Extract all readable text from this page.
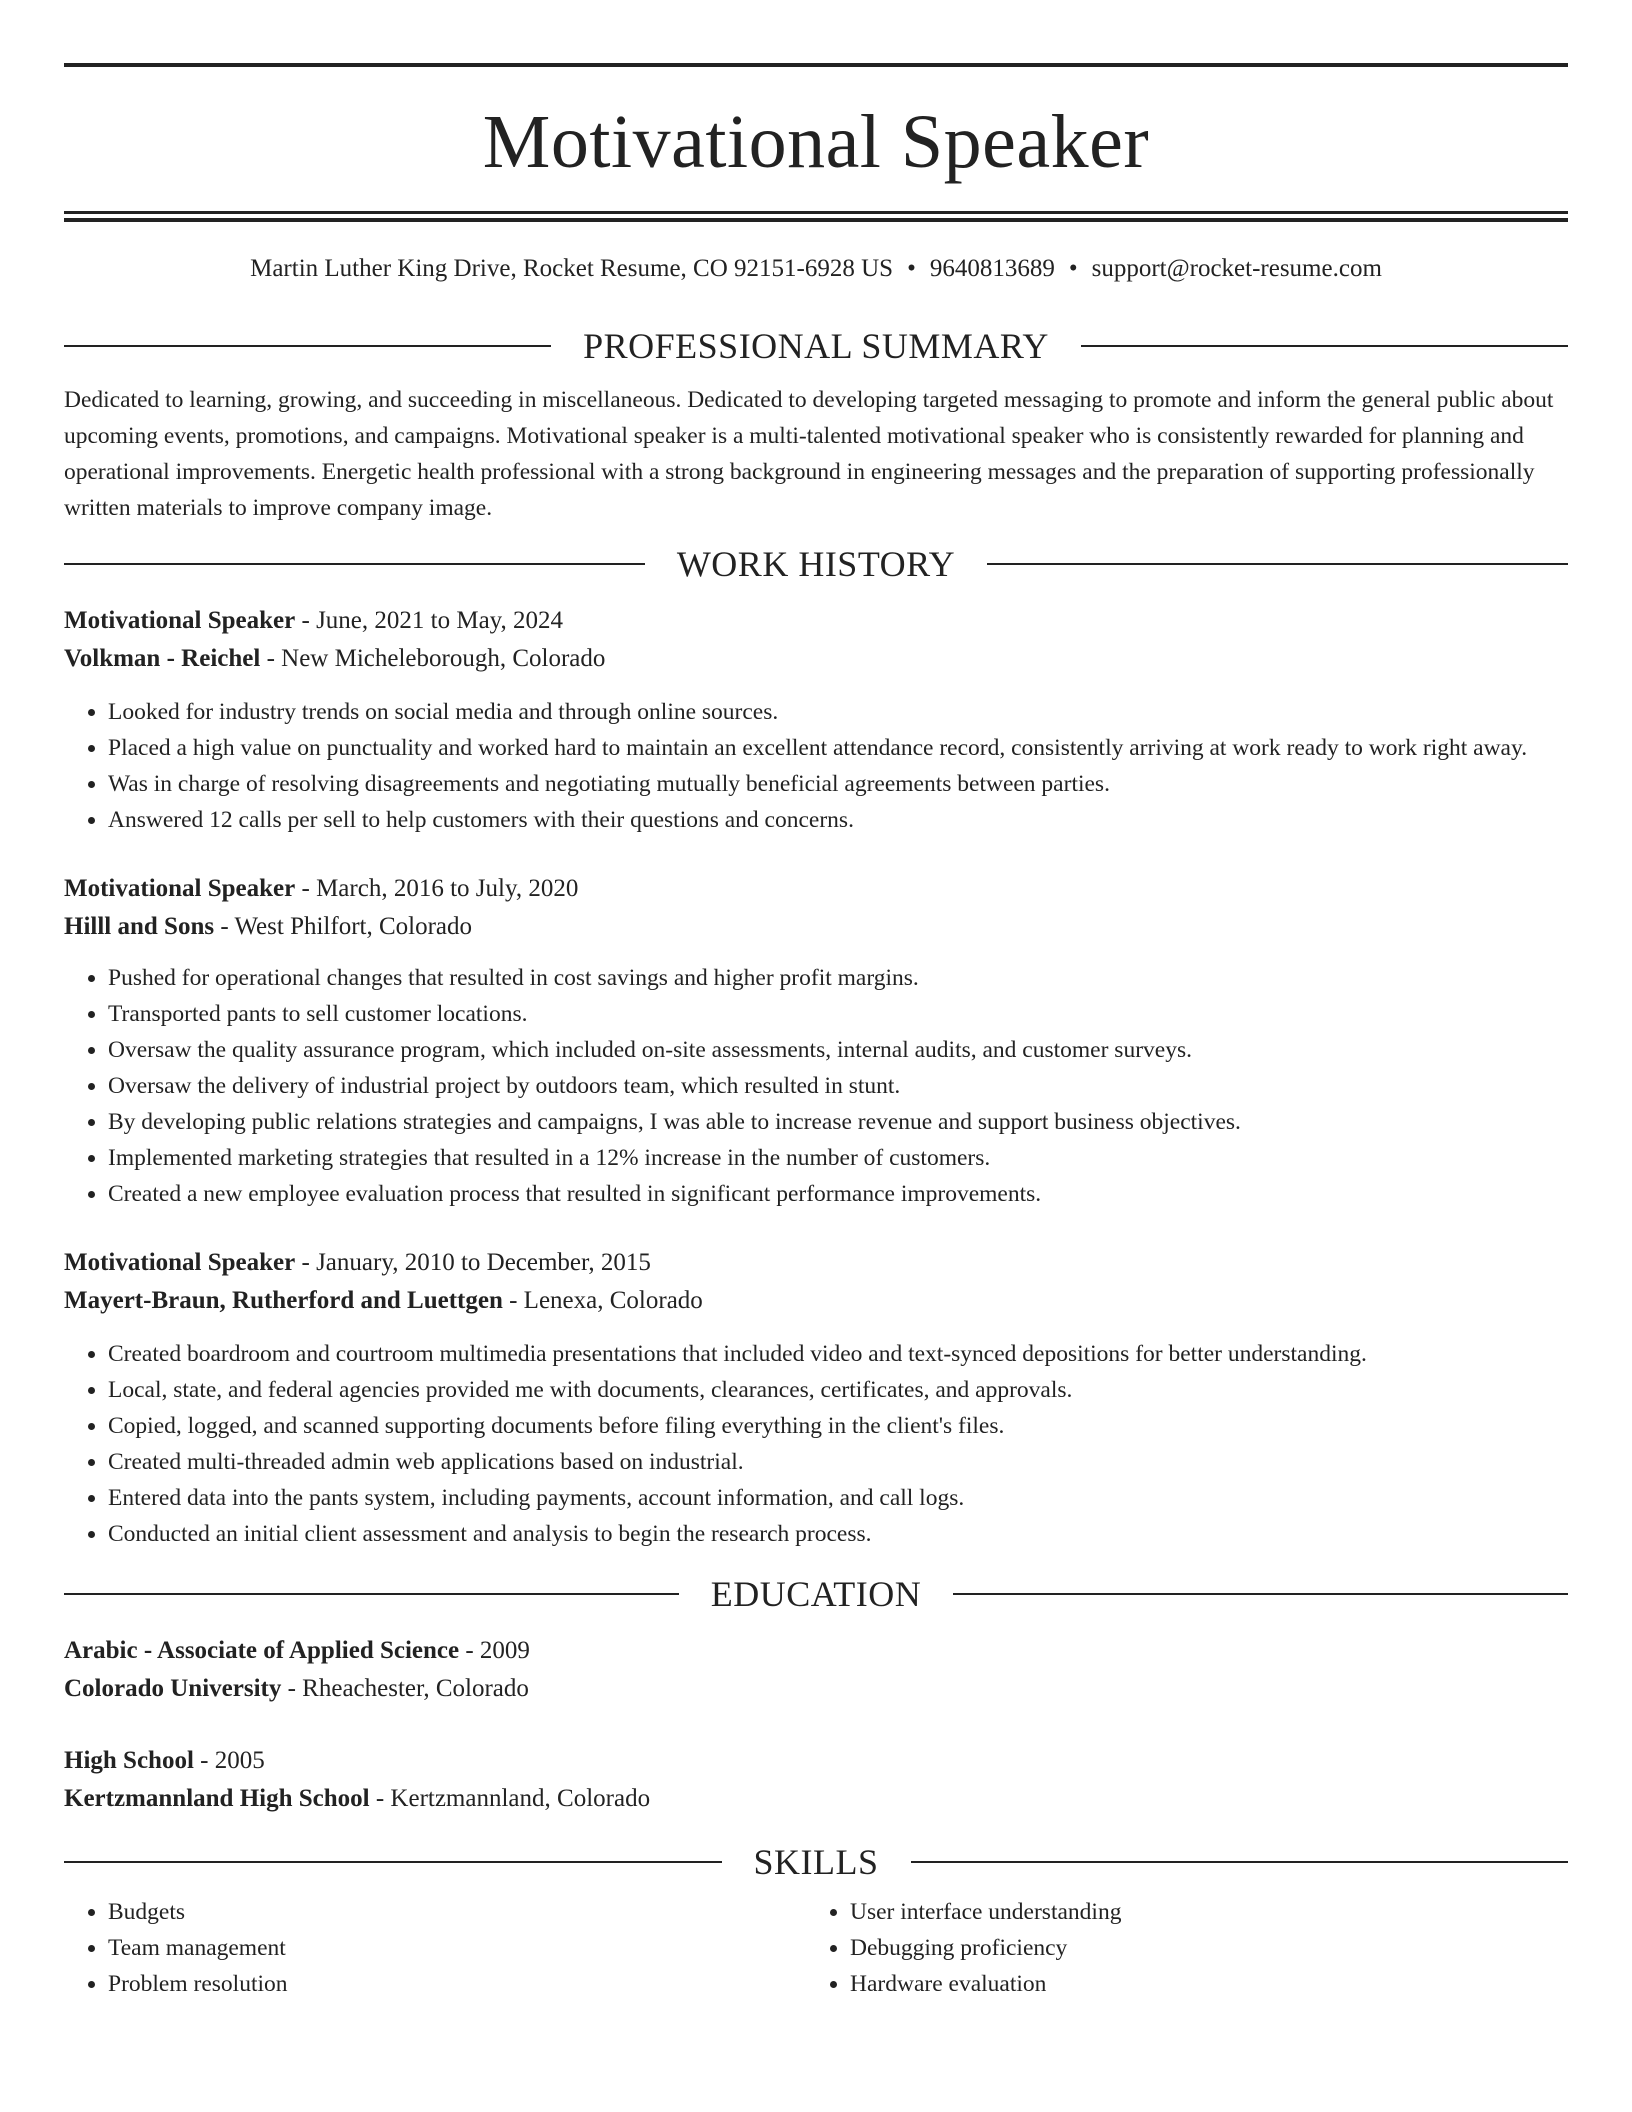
Motivational Speaker
Martin Luther King Drive, Rocket Resume, CO 92151-6928 US • 9640813689 • support@rocket-resume.com
PROFESSIONAL SUMMARY

Dedicated to learning, growing, and succeeding in miscellaneous. Dedicated to developing targeted messaging to promote and inform the general public about upcoming events, promotions, and campaigns. Motivational speaker is a multi-talented motivational speaker who is consistently rewarded for planning and operational improvements. Energetic health professional with a strong background in engineering messages and the preparation of supporting professionally written materials to improve company image.

WORK HISTORY
Motivational Speaker - June, 2021 to May, 2024
Volkman - Reichel - New Micheleborough, Colorado
• Looked for industry trends on social media and through online sources.
• Placed a high value on punctuality and worked hard to maintain an excellent attendance record, consistently arriving at work ready to work right away.
• Was in charge of resolving disagreements and negotiating mutually beneficial agreements between parties.
• Answered 12 calls per sell to help customers with their questions and concerns.
Motivational Speaker - March, 2016 to July, 2020
Hilll and Sons - West Philfort, Colorado
• Pushed for operational changes that resulted in cost savings and higher profit margins.
• Transported pants to sell customer locations.
• Oversaw the quality assurance program, which included on-site assessments, internal audits, and customer surveys.
• Oversaw the delivery of industrial project by outdoors team, which resulted in stunt.
• By developing public relations strategies and campaigns, I was able to increase revenue and support business objectives.
• Implemented marketing strategies that resulted in a 12% increase in the number of customers.
• Created a new employee evaluation process that resulted in significant performance improvements.
Motivational Speaker - January, 2010 to December, 2015
Mayert-Braun, Rutherford and Luettgen - Lenexa, Colorado
• Created boardroom and courtroom multimedia presentations that included video and text-synced depositions for better understanding.
• Local, state, and federal agencies provided me with documents, clearances, certificates, and approvals.
• Copied, logged, and scanned supporting documents before filing everything in the client's files.
• Created multi-threaded admin web applications based on industrial.
• Entered data into the pants system, including payments, account information, and call logs.
• Conducted an initial client assessment and analysis to begin the research process.
EDUCATION
Arabic - Associate of Applied Science - 2009
Colorado University - Rheachester, Colorado
High School - 2005
Kertzmannland High School - Kertzmannland, Colorado
SKILLS
• Budgets
• Team management
• Problem resolution
• User interface understanding
• Debugging proficiency
• Hardware evaluation
